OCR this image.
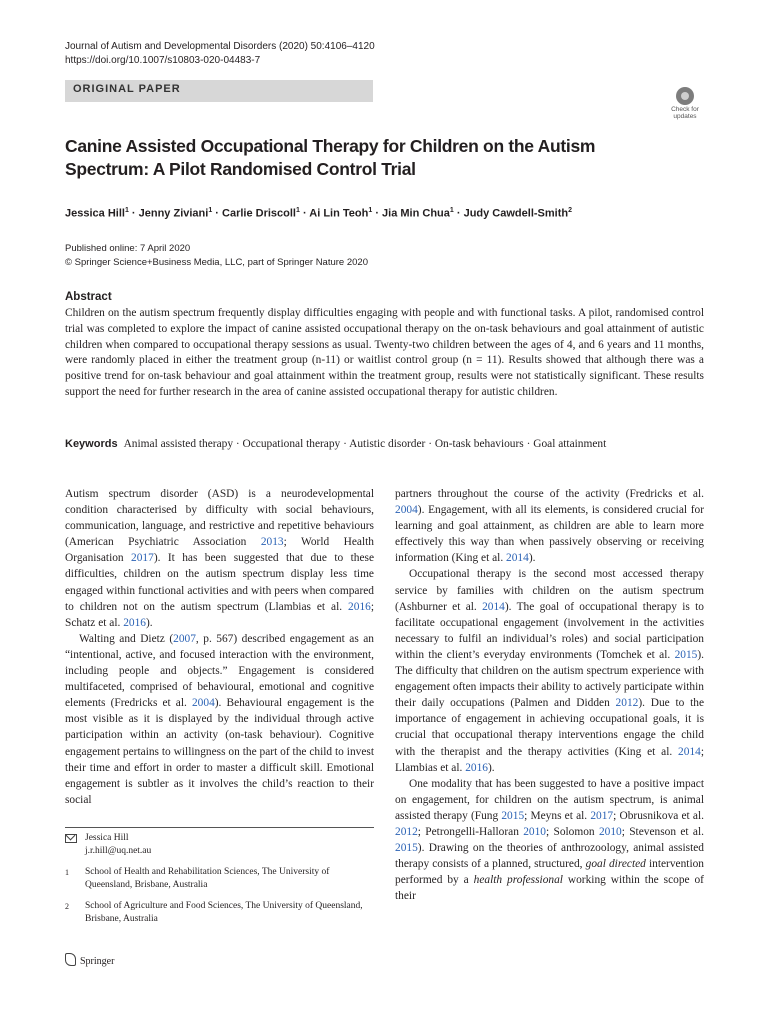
Journal of Autism and Developmental Disorders (2020) 50:4106–4120
https://doi.org/10.1007/s10803-020-04483-7
ORIGINAL PAPER
Check for updates
Canine Assisted Occupational Therapy for Children on the Autism Spectrum: A Pilot Randomised Control Trial
Jessica Hill$^1$ · Jenny Ziviani$^1$ · Carlie Driscoll$^1$ · Ai Lin Teoh$^1$ · Jia Min Chua$^1$ · Judy Cawdell-Smith$^2$
Published online: 7 April 2020
© Springer Science+Business Media, LLC, part of Springer Nature 2020
Abstract
Children on the autism spectrum frequently display difficulties engaging with people and with functional tasks. A pilot, randomised control trial was completed to explore the impact of canine assisted occupational therapy on the on-task behaviours and goal attainment of autistic children when compared to occupational therapy sessions as usual. Twenty-two children between the ages of 4, and 6 years and 11 months, were randomly placed in either the treatment group (n-11) or waitlist control group (n = 11). Results showed that although there was a positive trend for on-task behaviour and goal attainment within the treatment group, results were not statistically significant. These results support the need for further research in the area of canine assisted occupational therapy for autistic children.
Keywords Animal assisted therapy · Occupational therapy · Autistic disorder · On-task behaviours · Goal attainment

Autism spectrum disorder (ASD) is a neurodevelopmental condition characterised by difficulty with social behaviours, communication, language, and restrictive and repetitive behaviours (American Psychiatric Association 2013; World Health Organisation 2017). It has been suggested that due to these difficulties, children on the autism spectrum display less time engaged within functional activities and with peers when compared to children not on the autism spectrum (Llambias et al. 2016; Schatz et al. 2016).

Walting and Dietz (2007, p. 567) described engagement as an “intentional, active, and focused interaction with the environment, including people and objects.” Engagement is considered multifaceted, comprised of behavioural, emotional and cognitive elements (Fredricks et al. 2004). Behavioural engagement is the most visible as it is displayed by the individual through active participation within an activity (on-task behaviour). Cognitive engagement pertains to willingness on the part of the child to invest their time and effort in order to master a difficult skill. Emotional engagement is subtler as it involves the child’s reaction to their social

partners throughout the course of the activity (Fredricks et al. 2004). Engagement, with all its elements, is considered crucial for learning and goal attainment, as children are able to learn more effectively this way than when passively observing or receiving information (King et al. 2014).

Occupational therapy is the second most accessed therapy service by families with children on the autism spectrum (Ashburner et al. 2014). The goal of occupational therapy is to facilitate occupational engagement (involvement in the activities necessary to fulfil an individual’s roles) and social participation within the client’s everyday environments (Tomchek et al. 2015). The difficulty that children on the autism spectrum experience with engagement often impacts their ability to actively participate within their daily occupations (Palmen and Didden 2012). Due to the importance of engagement in achieving occupational goals, it is crucial that occupational therapy interventions engage the child with the therapist and the therapy activities (King et al. 2014; Llambias et al. 2016).

One modality that has been suggested to have a positive impact on engagement, for children on the autism spectrum, is animal assisted therapy (Fung 2015; Meyns et al. 2017; Obrusnikova et al. 2012; Petrongelli-Halloran 2010; Solomon 2010; Stevenson et al. 2015). Drawing on the theories of anthrozoology, animal assisted therapy consists of a planned, structured, goal directed intervention performed by a health professional working within the scope of their

Jessica Hill
j.r.hill@uq.net.au
1 School of Health and Rehabilitation Sciences, The University of Queensland, Brisbane, Australia
2 School of Agriculture and Food Sciences, The University of Queensland, Brisbane, Australia
Springer
